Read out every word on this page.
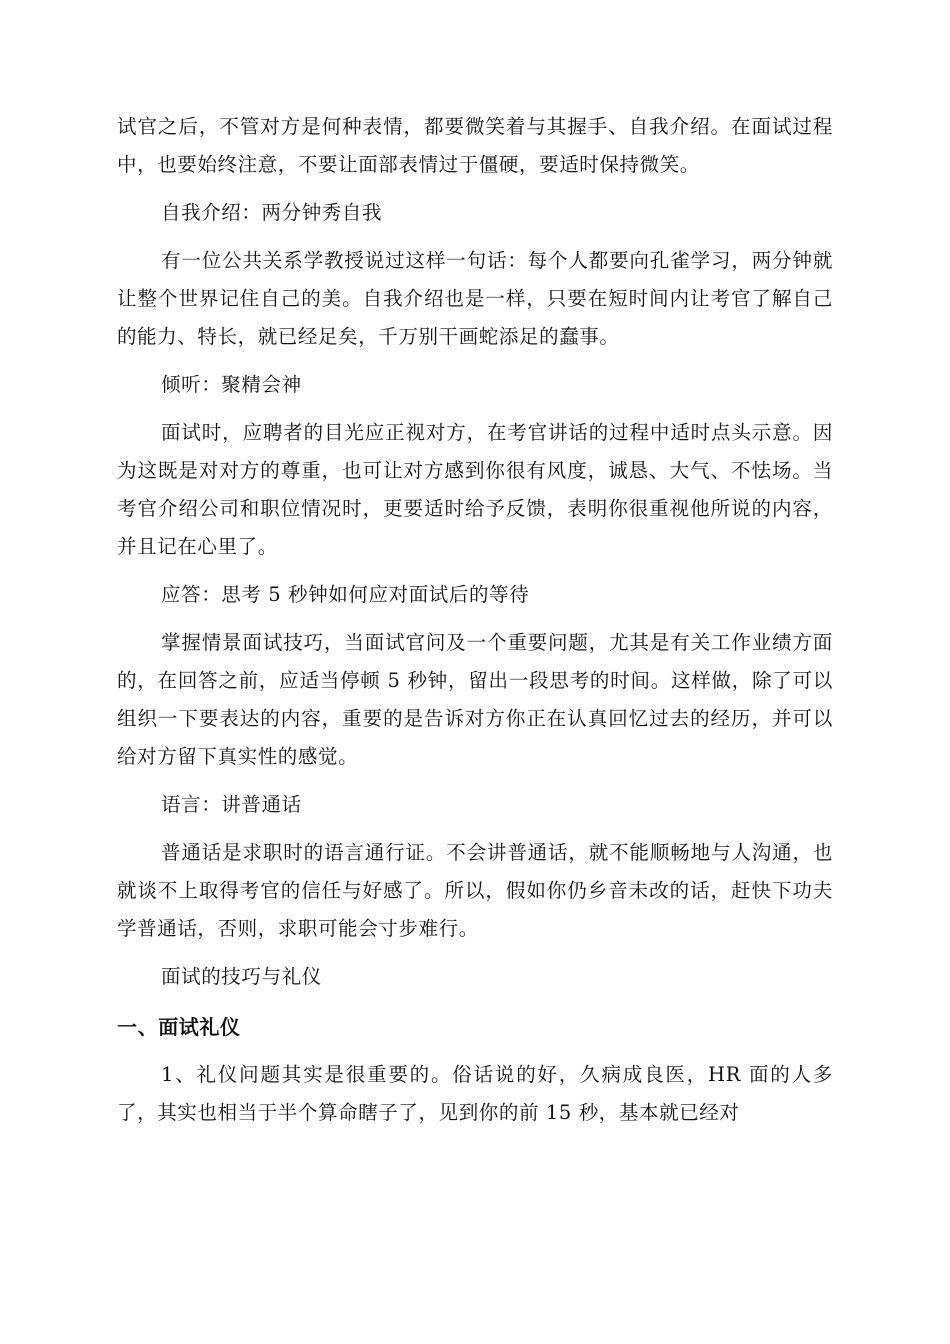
试官之后，不管对方是何种表情，都要微笑着与其握手、自我介绍。在面试过程中，也要始终注意，不要让面部表情过于僵硬，要适时保持微笑。

自我介绍：两分钟秀自我

有一位公共关系学教授说过这样一句话：每个人都要向孔雀学习，两分钟就让整个世界记住自己的美。自我介绍也是一样，只要在短时间内让考官了解自己的能力、特长，就已经足矣，千万别干画蛇添足的蠢事。

倾听：聚精会神

面试时，应聘者的目光应正视对方，在考官讲话的过程中适时点头示意。因为这既是对对方的尊重，也可让对方感到你很有风度，诚恳、大气、不怯场。当考官介绍公司和职位情况时，更要适时给予反馈，表明你很重视他所说的内容，并且记在心里了。

应答：思考 5 秒钟如何应对面试后的等待

掌握情景面试技巧，当面试官问及一个重要问题，尤其是有关工作业绩方面的，在回答之前，应适当停顿 5 秒钟，留出一段思考的时间。这样做，除了可以组织一下要表达的内容，重要的是告诉对方你正在认真回忆过去的经历，并可以给对方留下真实性的感觉。

语言：讲普通话

普通话是求职时的语言通行证。不会讲普通话，就不能顺畅地与人沟通，也就谈不上取得考官的信任与好感了。所以，假如你仍乡音未改的话，赶快下功夫学普通话，否则，求职可能会寸步难行。

面试的技巧与礼仪

一、面试礼仪

1、礼仪问题其实是很重要的。俗话说的好，久病成良医，HR 面的人多了，其实也相当于半个算命瞎子了，见到你的前 15 秒，基本就已经对
